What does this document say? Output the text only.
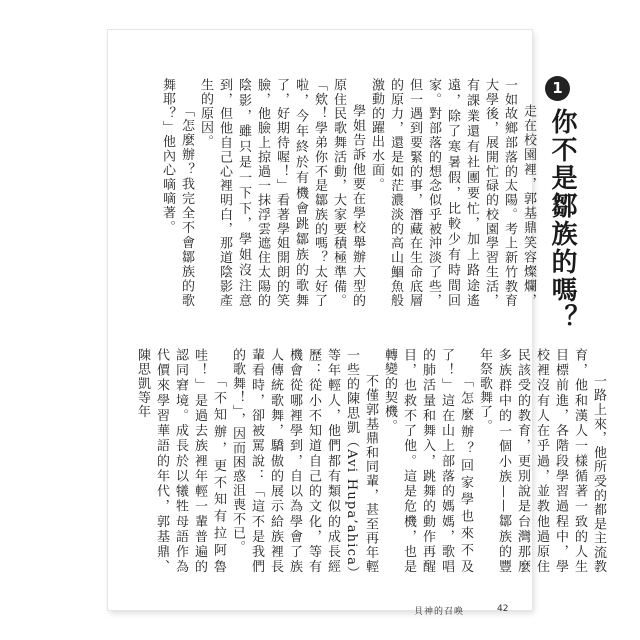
1
你不是鄒族的嗎？

走在校園裡，郭基鼎笑容燦爛，一如故鄉部落的太陽。考上新竹教育大學後，展開忙碌的校園學習生活，有課業還有社團要忙，加上路途遙遠，除了寒暑假，比較少有時間回家。對部落的想念似乎被沖淡了些，但一遇到要緊的事，潛藏在生命底層的原力，還是如茫濃淡的高山鯝魚般激動的躍出水面。

學姐告訴他要在學校舉辦大型的原住民歌舞活動，大家要積極準備。「欸！學弟你不是鄒族的嗎？太好了啦，今年終於有機會跳鄒族的歌舞了，好期待喔！」看著學姐開朗的笑臉，他臉上掠過一抹浮雲遮住太陽的陰影，雖只是一下下，學姐沒注意到，但他自己心裡明白，那道陰影產生的原因。

「怎麼辦？我完全不會鄒族的歌舞耶？」他內心嘀嘀著。

一路上來，他所受的都是主流教育，他和漢人一樣循著一致的人生目標前進，各階段學習過程中，學校裡沒有人在乎過，並教他過原住民該受的教育，更別說是台灣那麼多族群中的一個小族——鄒族的豐年祭歌舞了。

「怎麼辦？回家學也來不及了！」這在山上部落的媽媽，歌唱的肺活量和舞入，跳舞的動作再醒目，也救不了他。這是危機，也是轉變的契機。

不僅郭基鼎和同輩，甚至再年輕一些的陳思凱（Avi Hupa’ahica）等年輕人，他們都有類似的成長經歷：從小不知道自己的文化，等有機會從哪裡學到，自以為學會了族人傳統歌舞，驕傲的展示給族裡長輩看時，卻被罵說：「這不是我們的歌舞！」，因而困惑沮喪不已。

「不知辦，更不知有拉阿魯哇！」是過去族裡年輕一輩普遍的認同窘境。成長於以犧牲母語作為代價來學習華語的年代，郭基鼎、陳思凱等年

貝神的召喚	42
